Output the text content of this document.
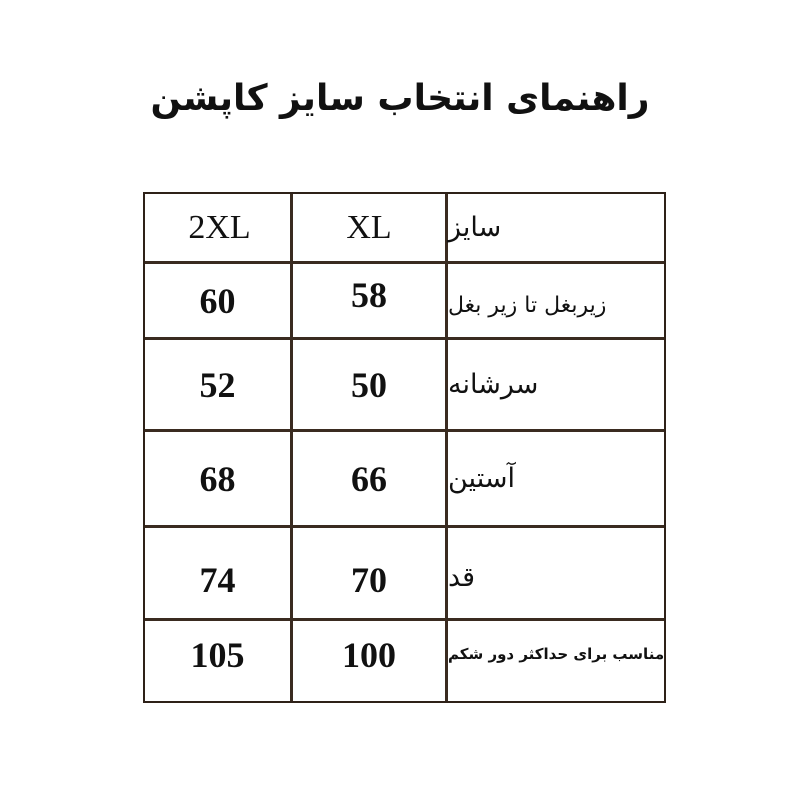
راهنمای انتخاب سایز کاپشن
2XL	XL	سایز
60	58	زیربغل تا زیر بغل
52	50	سرشانه
68	66	آستین
74	70	قد
105	100	مناسب برای حداکثر دور شکم
